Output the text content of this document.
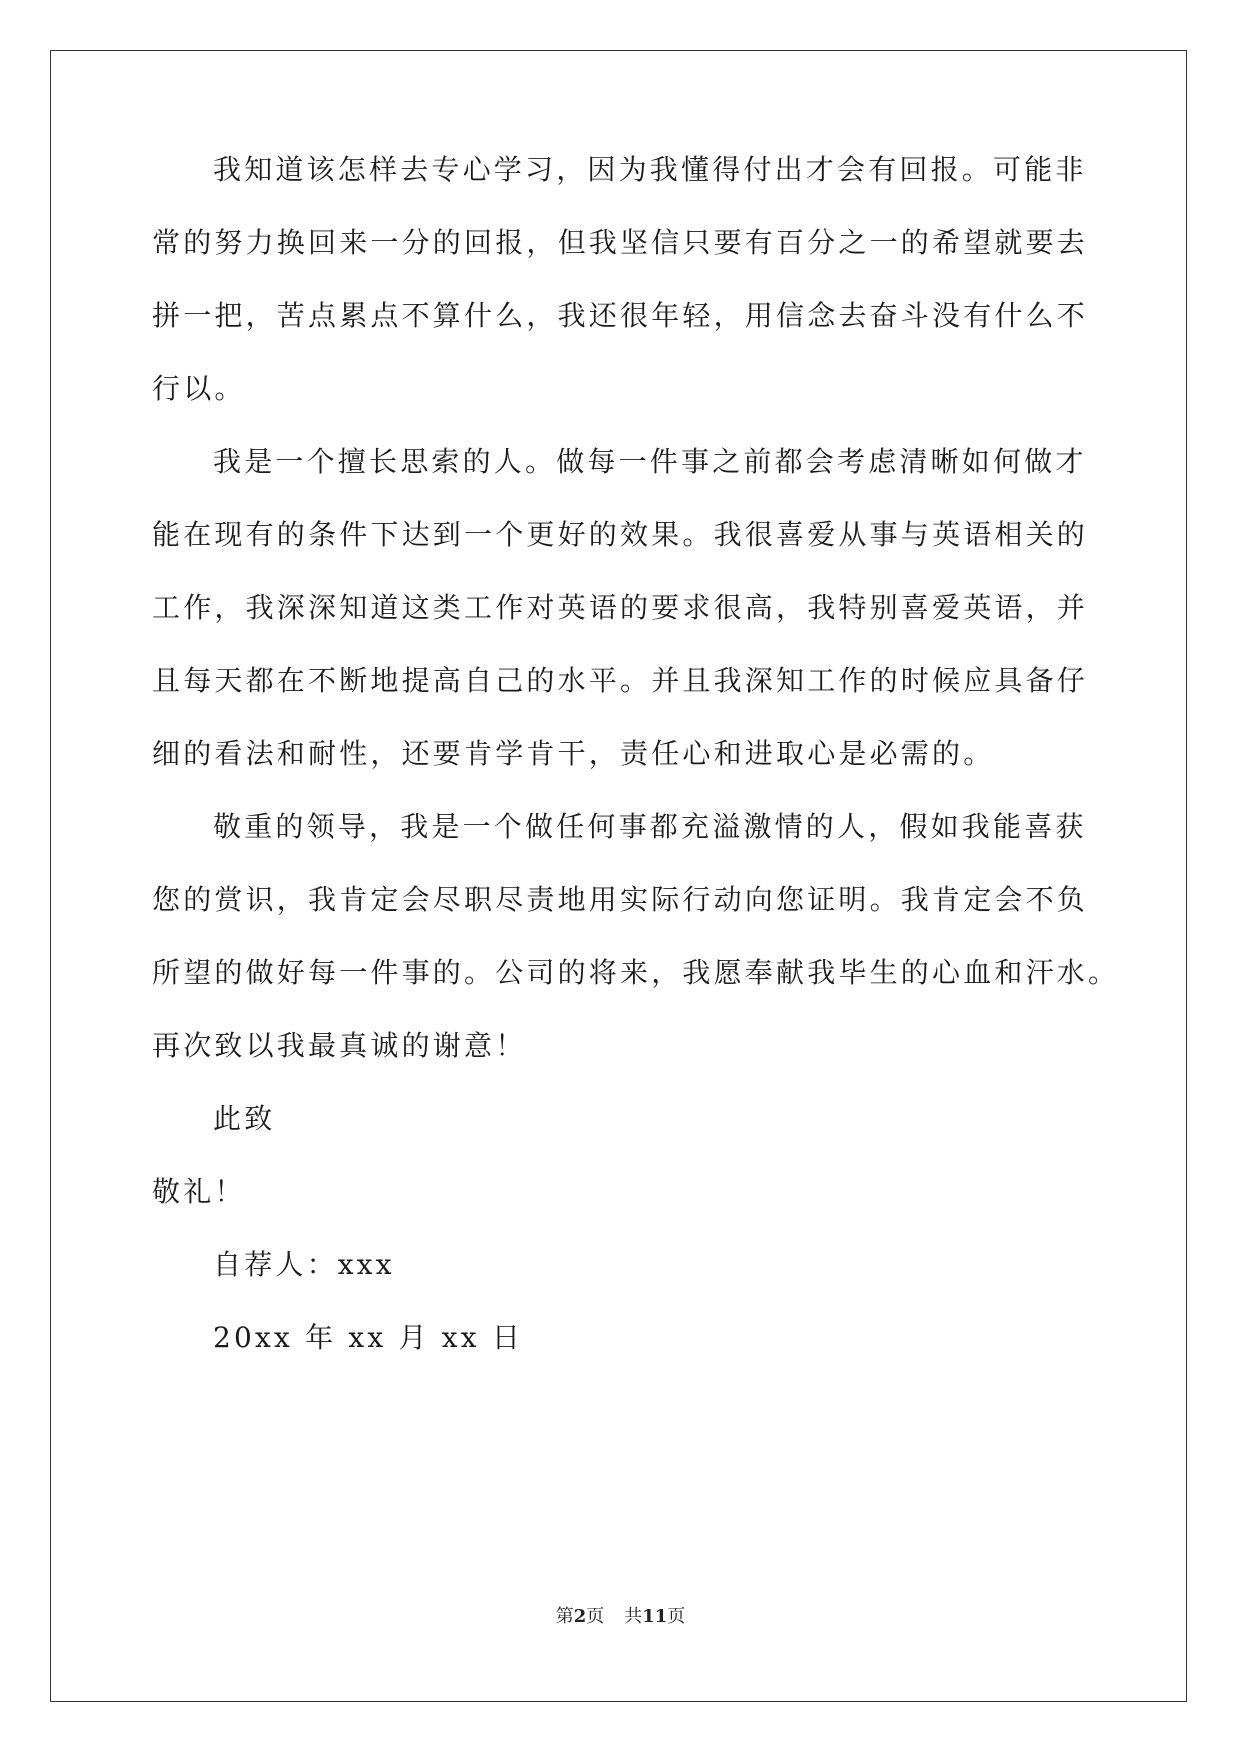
我知道该怎样去专心学习，因为我懂得付出才会有回报。可能非
常的努力换回来一分的回报，但我坚信只要有百分之一的希望就要去
拼一把，苦点累点不算什么，我还很年轻，用信念去奋斗没有什么不
行以。
我是一个擅长思索的人。做每一件事之前都会考虑清晰如何做才
能在现有的条件下达到一个更好的效果。我很喜爱从事与英语相关的
工作，我深深知道这类工作对英语的要求很高，我特别喜爱英语，并
且每天都在不断地提高自己的水平。并且我深知工作的时候应具备仔
细的看法和耐性，还要肯学肯干，责任心和进取心是必需的。
敬重的领导，我是一个做任何事都充溢激情的人，假如我能喜获
您的赏识，我肯定会尽职尽责地用实际行动向您证明。我肯定会不负
所望的做好每一件事的。公司的将来，我愿奉献我毕生的心血和汗水。
再次致以我最真诚的谢意！
此致
敬礼！
自荐人：xxx
20xx 年 xx 月 xx 日
第2页 共11页
